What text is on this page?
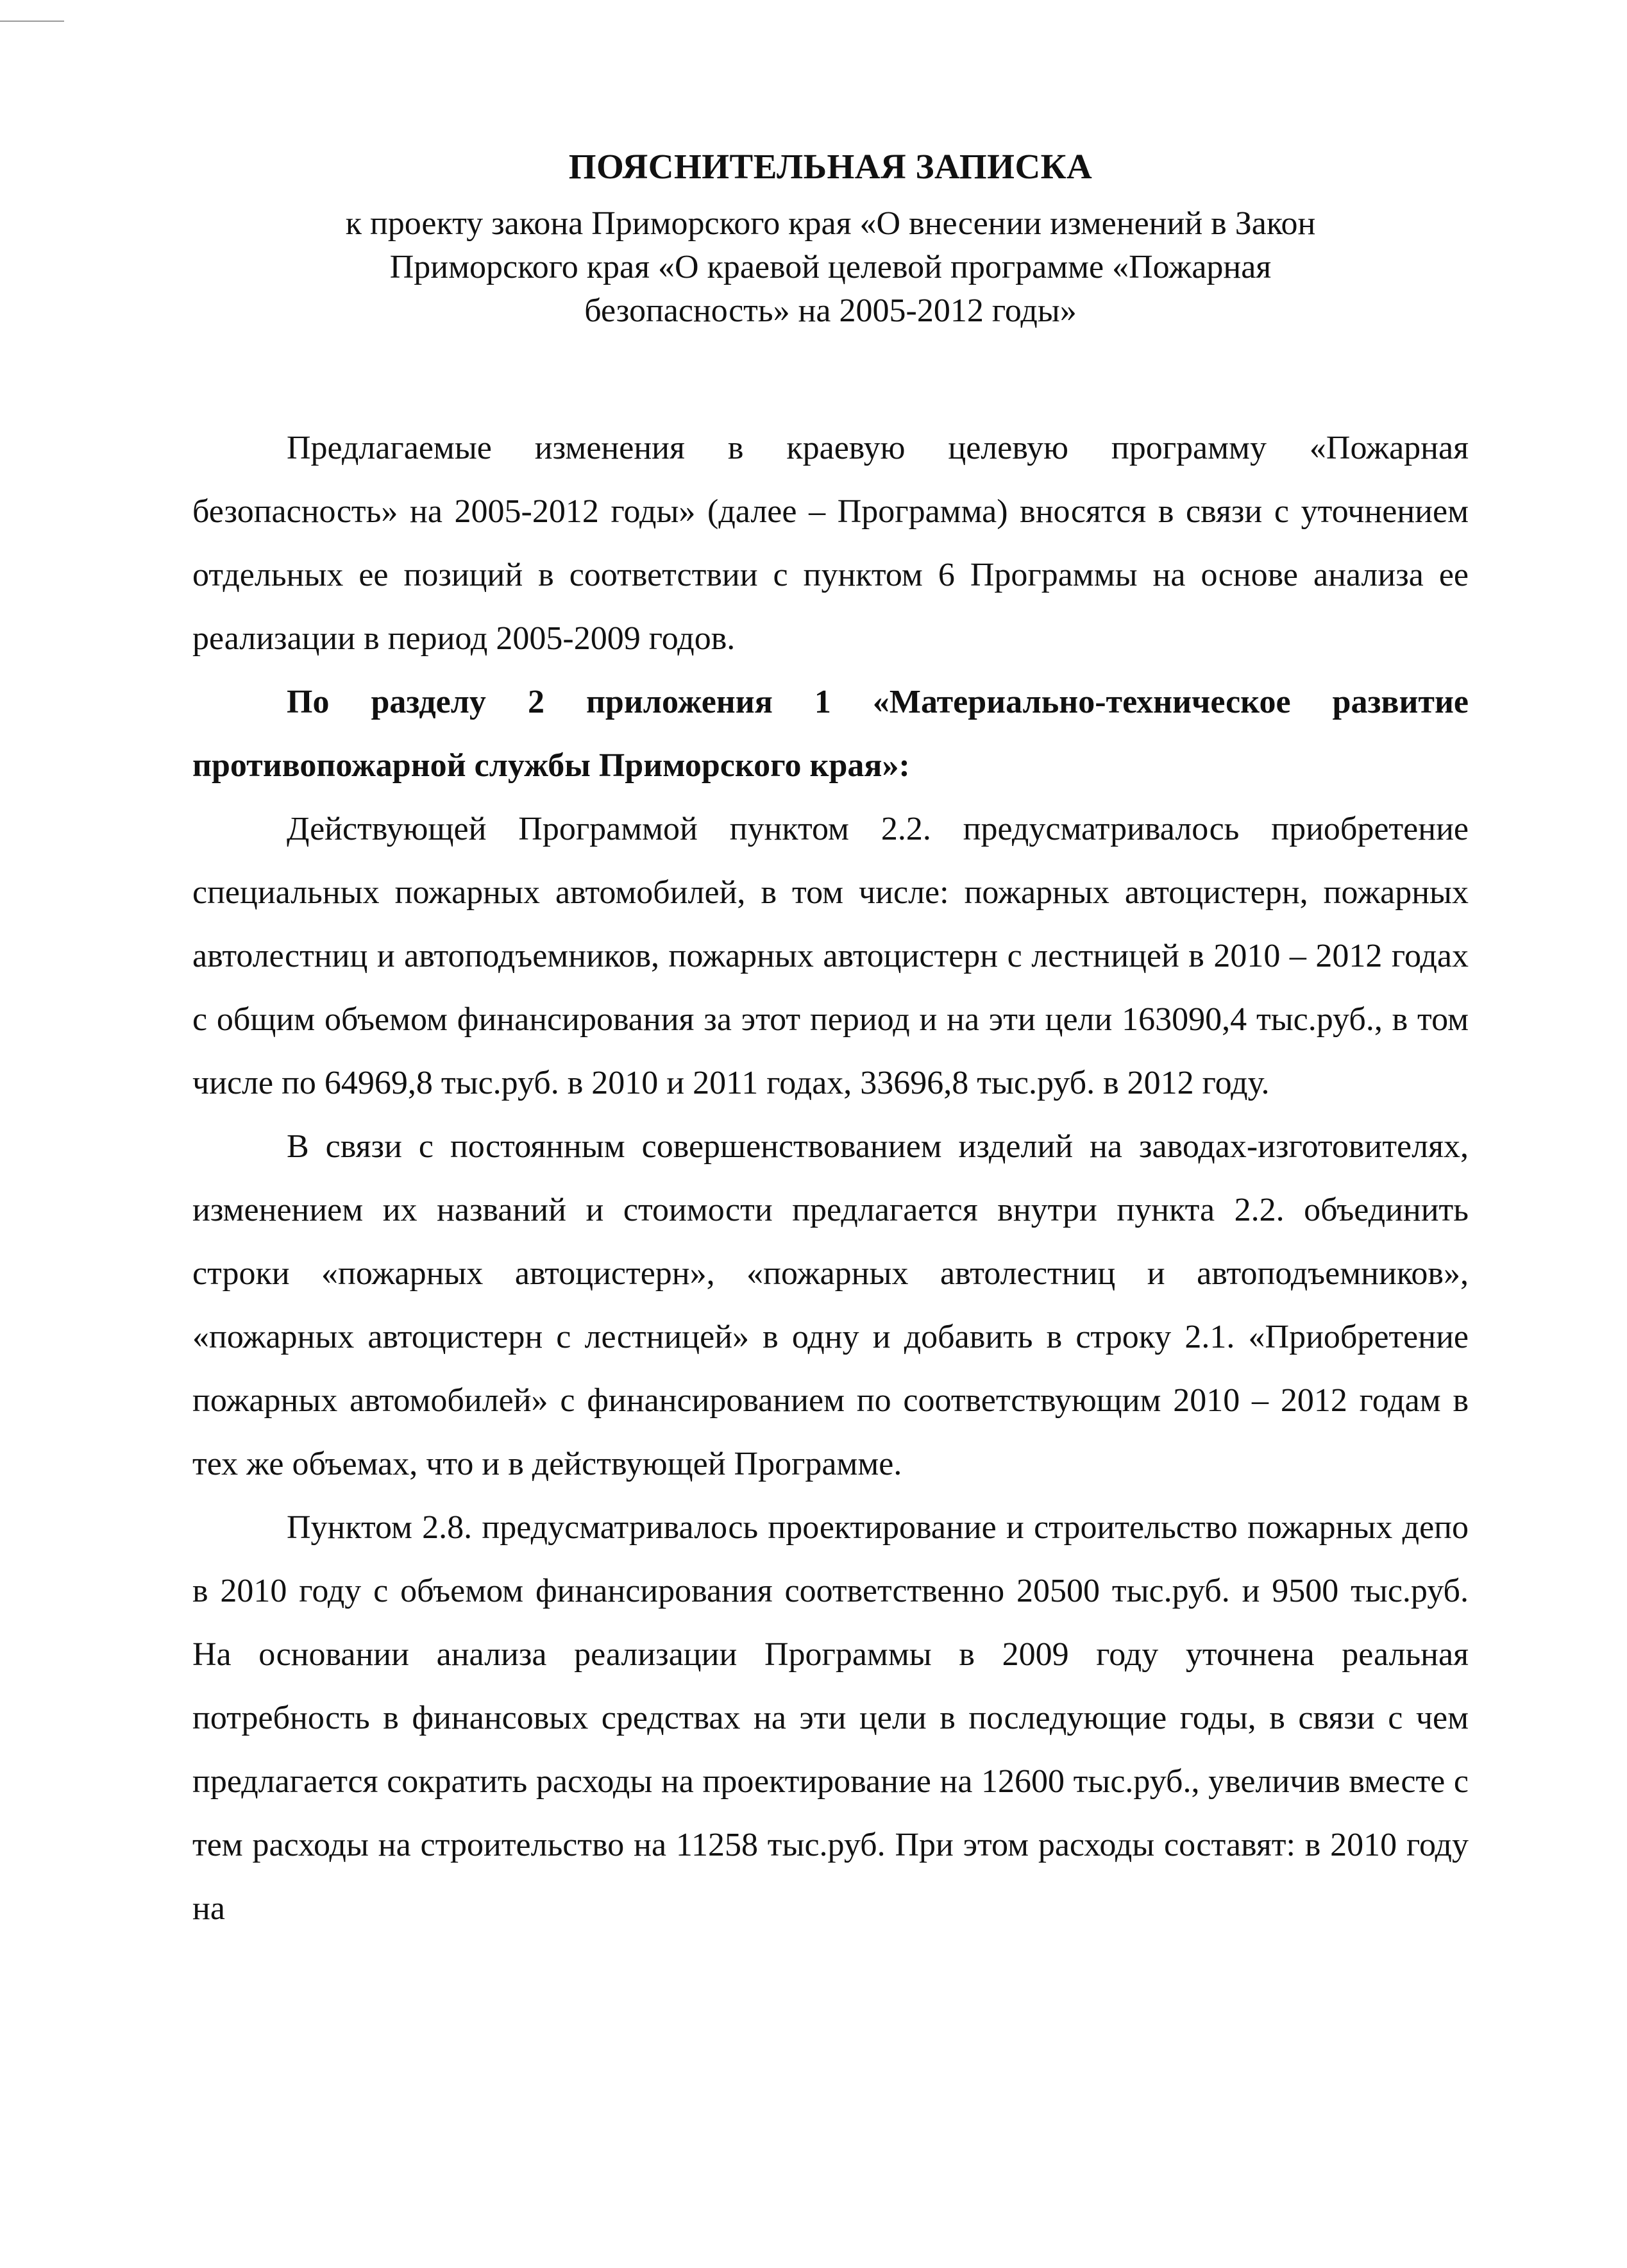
ПОЯСНИТЕЛЬНАЯ ЗАПИСКА
к проекту закона Приморского края «О внесении изменений в Закон
Приморского края «О краевой целевой программе «Пожарная
безопасность» на 2005-2012 годы»

Предлагаемые изменения в краевую целевую программу «Пожарная безопасность» на 2005-2012 годы» (далее – Программа) вносятся в связи с уточнением отдельных ее позиций в соответствии с пунктом 6 Программы на основе анализа ее реализации в период 2005-2009 годов.

По разделу 2 приложения 1 «Материально-техническое развитие противопожарной службы Приморского края»:

Действующей Программой пунктом 2.2. предусматривалось приобретение специальных пожарных автомобилей, в том числе: пожарных автоцистерн, пожарных автолестниц и автоподъемников, пожарных автоцистерн с лестницей в 2010 – 2012 годах с общим объемом финансирования за этот период и на эти цели 163090,4 тыс.руб., в том числе по 64969,8 тыс.руб. в 2010 и 2011 годах, 33696,8 тыс.руб. в 2012 году.

В связи с постоянным совершенствованием изделий на заводах-изготовителях, изменением их названий и стоимости предлагается внутри пункта 2.2. объединить строки «пожарных автоцистерн», «пожарных автолестниц и автоподъемников», «пожарных автоцистерн с лестницей» в одну и добавить в строку 2.1. «Приобретение пожарных автомобилей» с финансированием по соответствующим 2010 – 2012 годам в тех же объемах, что и в действующей Программе.

Пунктом 2.8. предусматривалось проектирование и строительство пожарных депо в 2010 году с объемом финансирования соответственно 20500 тыс.руб. и 9500 тыс.руб. На основании анализа реализации Программы в 2009 году уточнена реальная потребность в финансовых средствах на эти цели в последующие годы, в связи с чем предлагается сократить расходы на проектирование на 12600 тыс.руб., увеличив вместе с тем расходы на строительство на 11258 тыс.руб. При этом расходы составят: в 2010 году на
